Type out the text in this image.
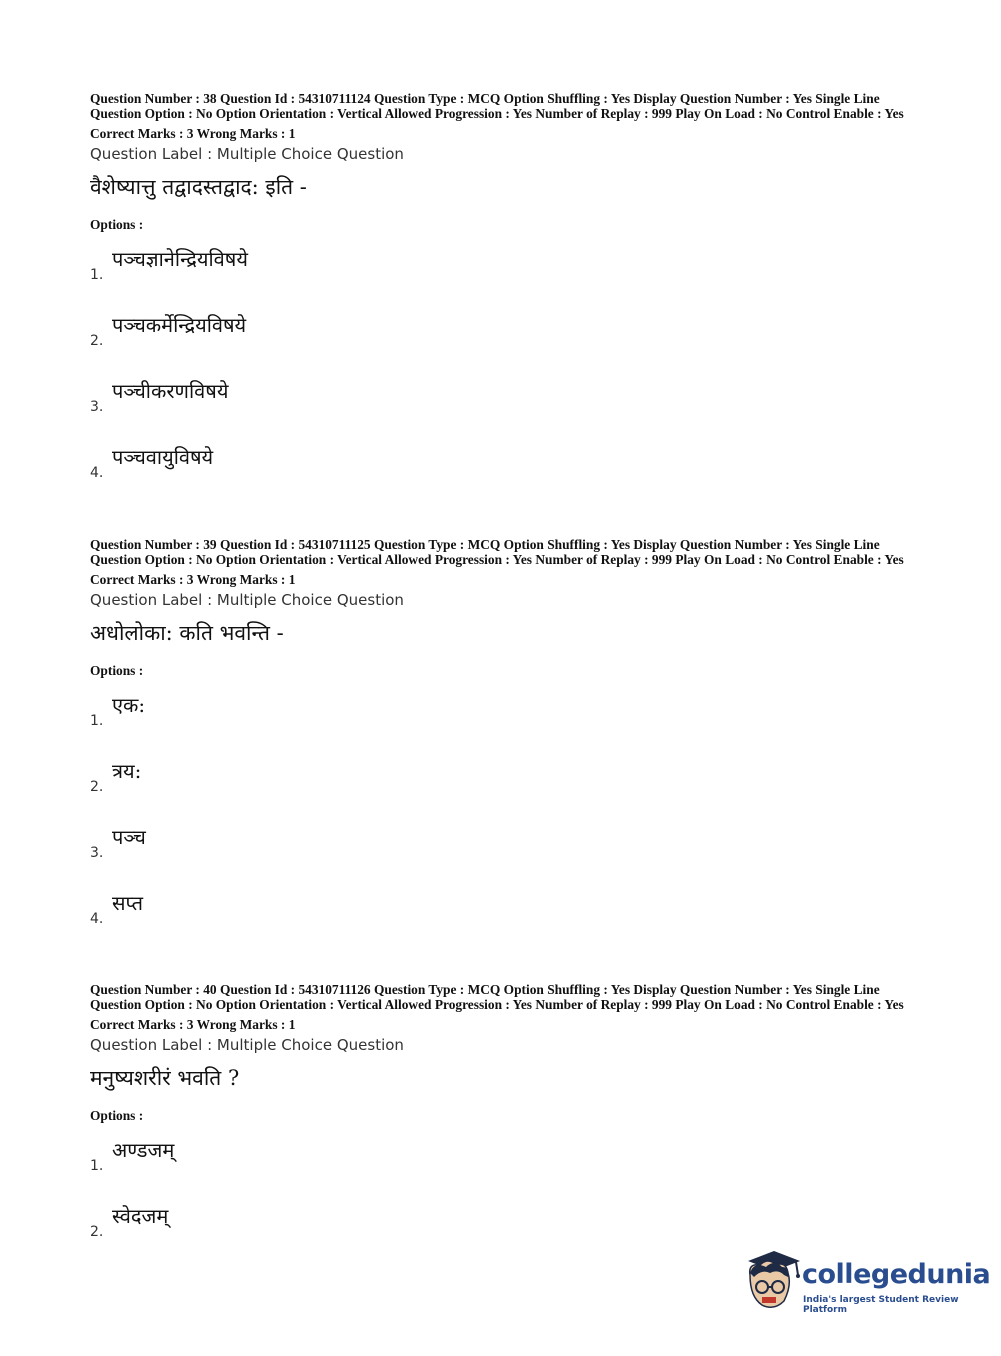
Question Number : 38 Question Id : 54310711124 Question Type : MCQ Option Shuffling : Yes Display Question Number : Yes Single Line Question Option : No Option Orientation : Vertical Allowed Progression : Yes Number of Replay : 999 Play On Load : No Control Enable : Yes
Correct Marks : 3 Wrong Marks : 1
Question Label : Multiple Choice Question
वैशेष्यात्तु तद्वादस्तद्वाद: इति -
Options :
1.
पञ्चज्ञानेन्द्रियविषये
2.
पञ्चकर्मेन्द्रियविषये
3.
पञ्चीकरणविषये
4.
पञ्चवायुविषये
Question Number : 39 Question Id : 54310711125 Question Type : MCQ Option Shuffling : Yes Display Question Number : Yes Single Line Question Option : No Option Orientation : Vertical Allowed Progression : Yes Number of Replay : 999 Play On Load : No Control Enable : Yes
Correct Marks : 3 Wrong Marks : 1
Question Label : Multiple Choice Question
अधोलोका: कति भवन्ति -
Options :
1.
एक:
2.
त्रय:
3.
पञ्च
4.
सप्त
Question Number : 40 Question Id : 54310711126 Question Type : MCQ Option Shuffling : Yes Display Question Number : Yes Single Line Question Option : No Option Orientation : Vertical Allowed Progression : Yes Number of Replay : 999 Play On Load : No Control Enable : Yes
Correct Marks : 3 Wrong Marks : 1
Question Label : Multiple Choice Question
मनुष्यशरीरं भवति ?
Options :
1.
अण्डजम्
2.
स्वेदजम्
collegedunia
India's largest Student Review Platform
